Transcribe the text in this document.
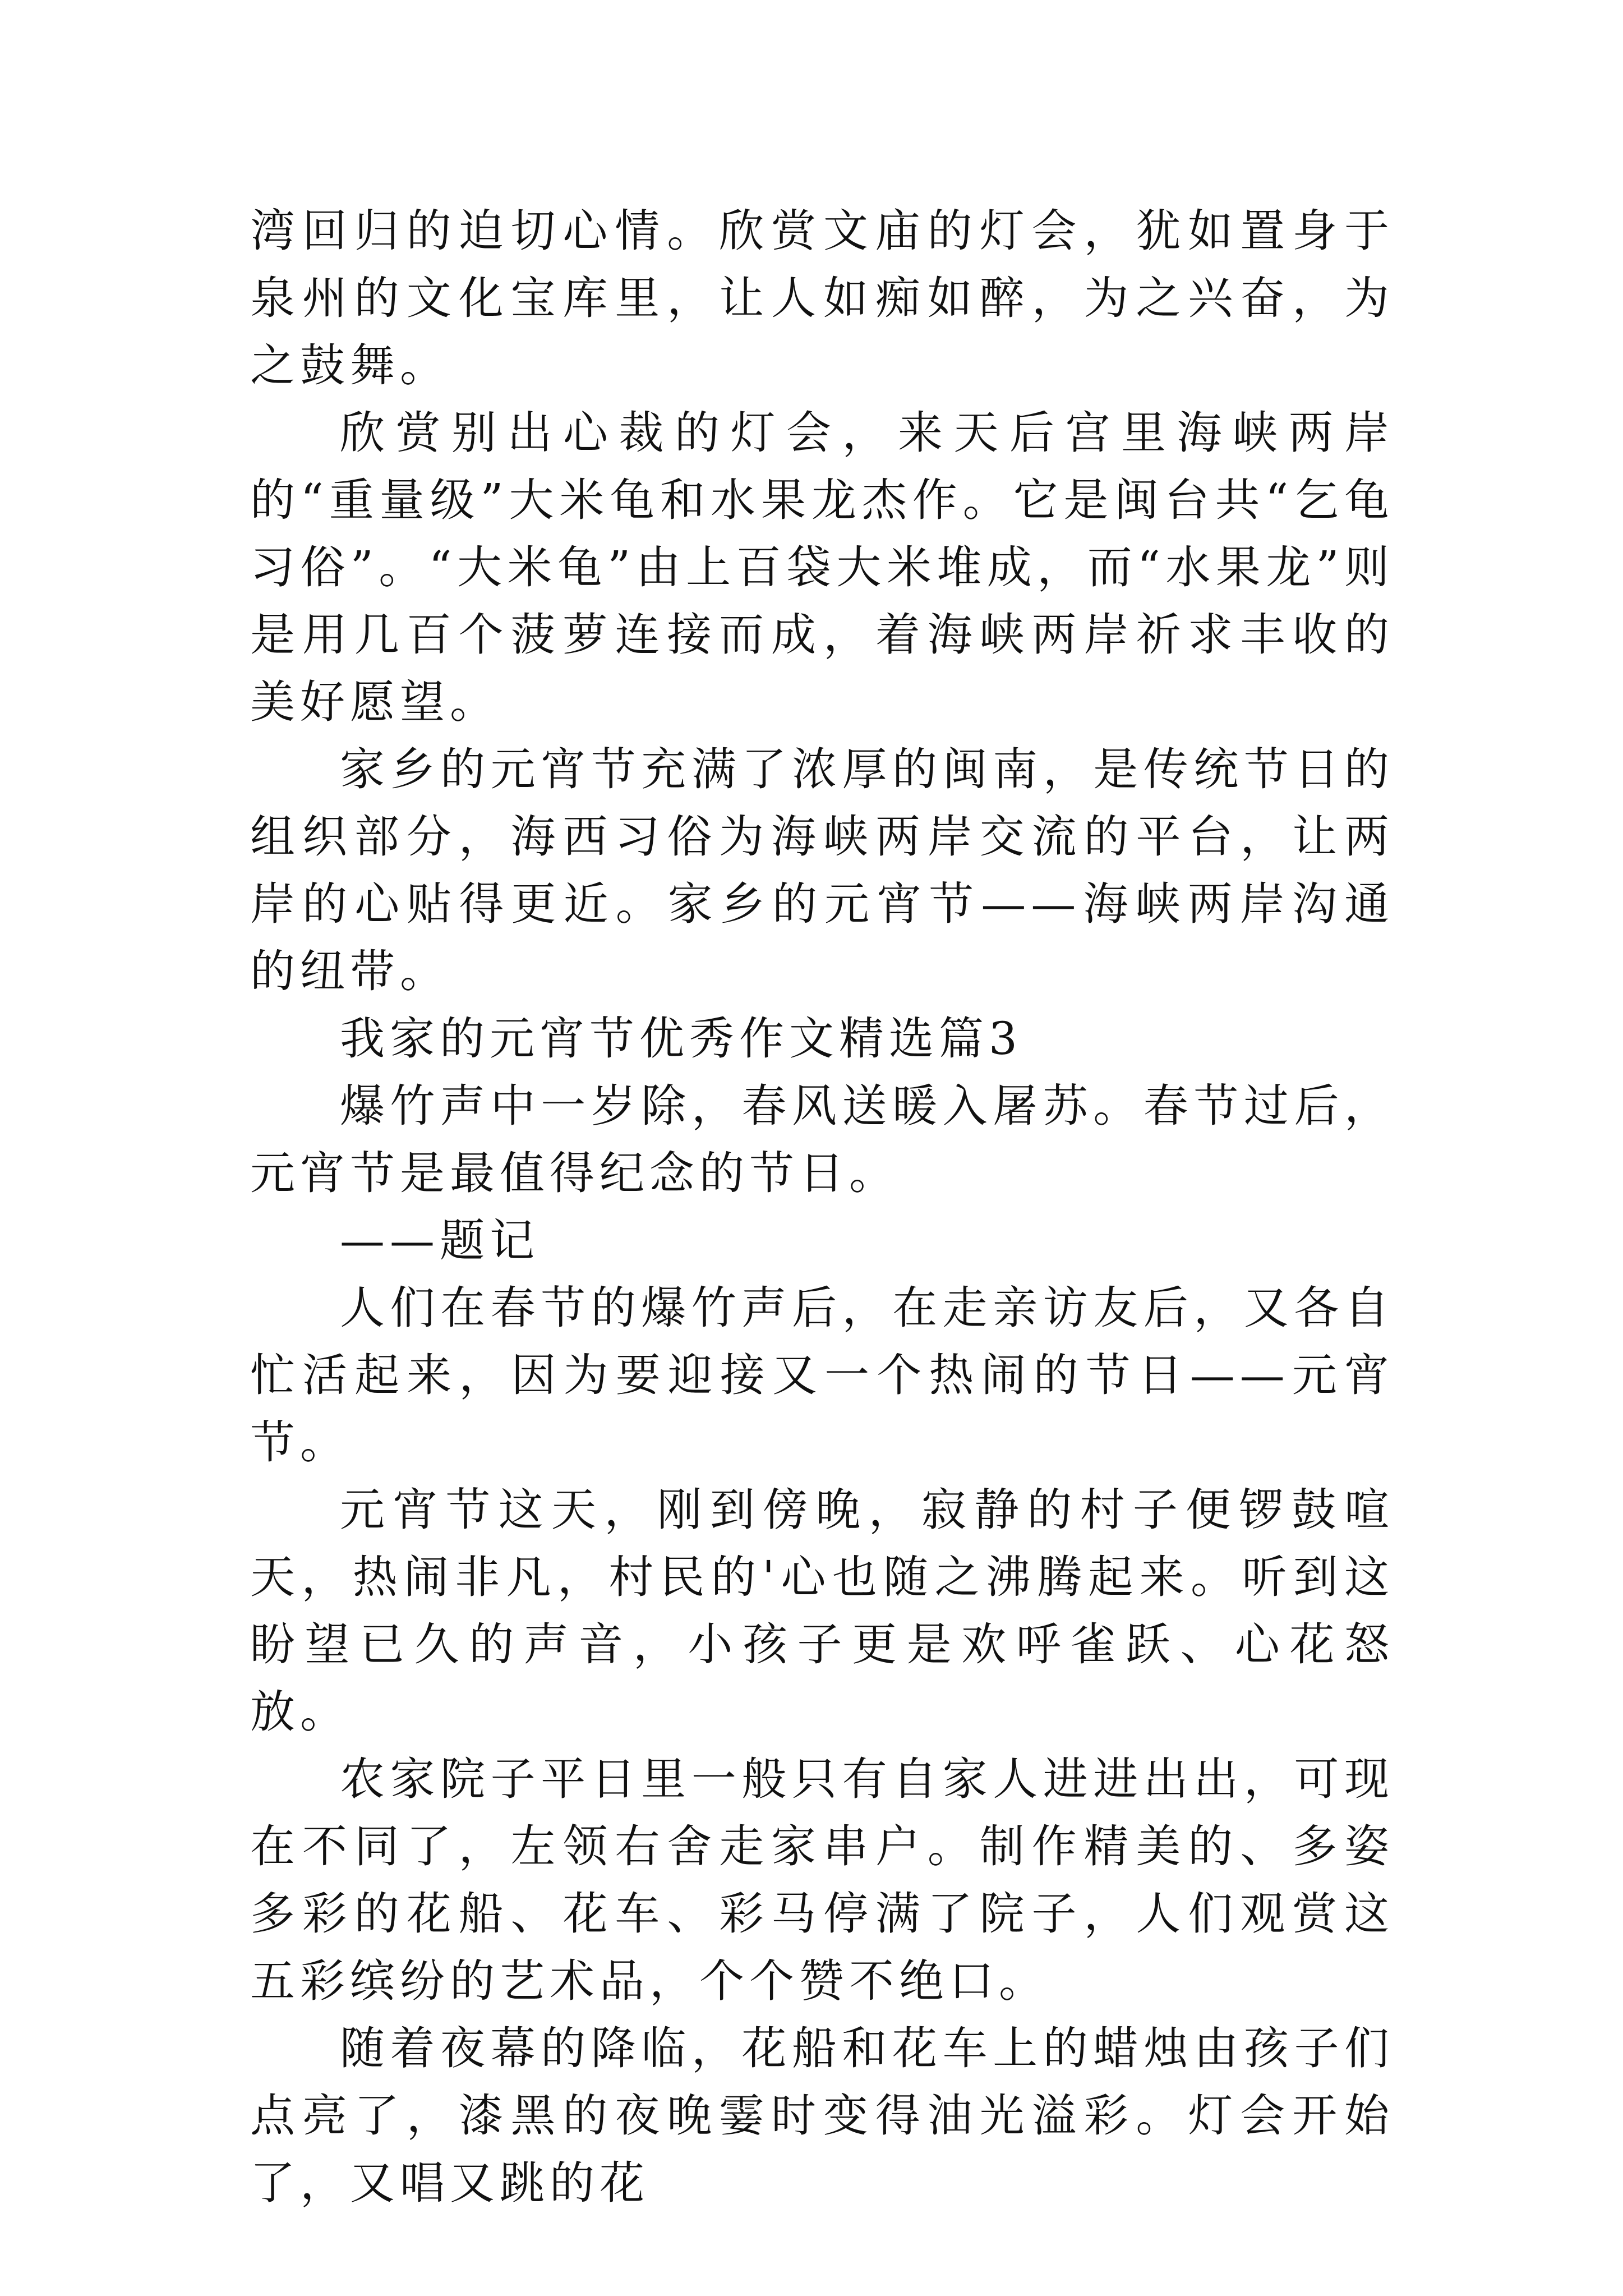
湾回归的迫切心情。欣赏文庙的灯会，犹如置身于泉州的文化宝库里，让人如痴如醉，为之兴奋，为之鼓舞。

欣赏别出心裁的灯会，来天后宫里海峡两岸的“重量级”大米龟和水果龙杰作。它是闽台共“乞龟习俗”。“大米龟”由上百袋大米堆成，而“水果龙”则是用几百个菠萝连接而成，着海峡两岸祈求丰收的美好愿望。

家乡的元宵节充满了浓厚的闽南，是传统节日的组织部分，海西习俗为海峡两岸交流的平台，让两岸的心贴得更近。家乡的元宵节——海峡两岸沟通的纽带。

我家的元宵节优秀作文精选篇3

爆竹声中一岁除，春风送暖入屠苏。春节过后，元宵节是最值得纪念的节日。

——题记

人们在春节的爆竹声后，在走亲访友后，又各自忙活起来，因为要迎接又一个热闹的节日——元宵节。

元宵节这天，刚到傍晚，寂静的村子便锣鼓喧天，热闹非凡，村民的'心也随之沸腾起来。听到这盼望已久的声音，小孩子更是欢呼雀跃、心花怒放。

农家院子平日里一般只有自家人进进出出，可现在不同了，左领右舍走家串户。制作精美的、多姿多彩的花船、花车、彩马停满了院子，人们观赏这五彩缤纷的艺术品，个个赞不绝口。

随着夜幕的降临，花船和花车上的蜡烛由孩子们点亮了，漆黑的夜晚霎时变得油光溢彩。灯会开始了，又唱又跳的花
